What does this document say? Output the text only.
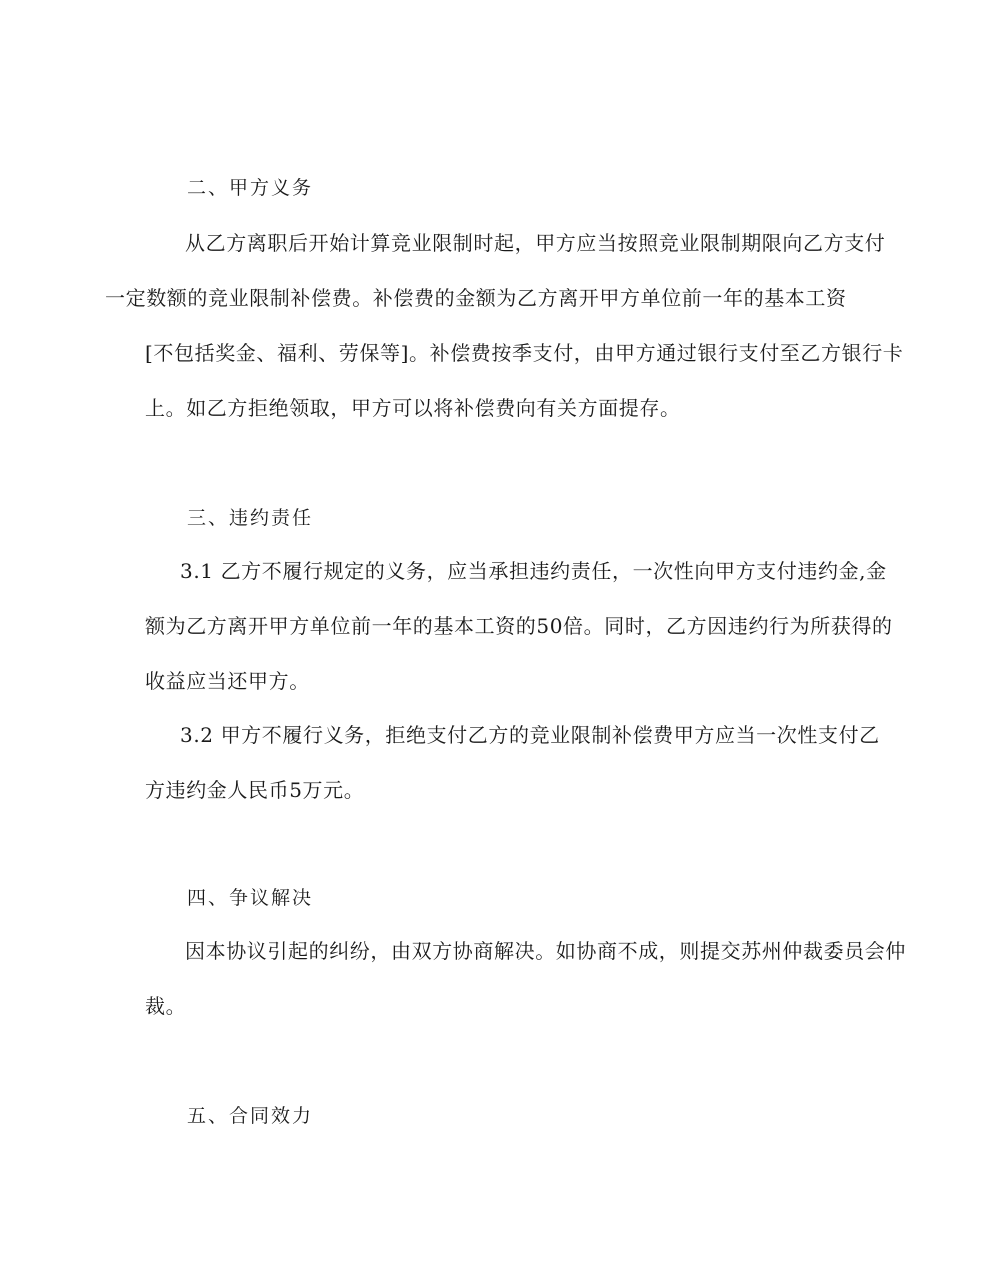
二、甲方义务
从乙方离职后开始计算竞业限制时起，甲方应当按照竞业限制期限向乙方支付
一定数额的竞业限制补偿费。补偿费的金额为乙方离开甲方单位前一年的基本工资
[不包括奖金、福利、劳保等]。补偿费按季支付，由甲方通过银行支付至乙方银行卡
上。如乙方拒绝领取，甲方可以将补偿费向有关方面提存。
三、违约责任
3.1 乙方不履行规定的义务，应当承担违约责任，一次性向甲方支付违约金,金
额为乙方离开甲方单位前一年的基本工资的50倍。同时，乙方因违约行为所获得的
收益应当还甲方。
3.2 甲方不履行义务，拒绝支付乙方的竞业限制补偿费甲方应当一次性支付乙
方违约金人民币5万元。
四、争议解决
因本协议引起的纠纷，由双方协商解决。如协商不成，则提交苏州仲裁委员会仲
裁。
五、合同效力
